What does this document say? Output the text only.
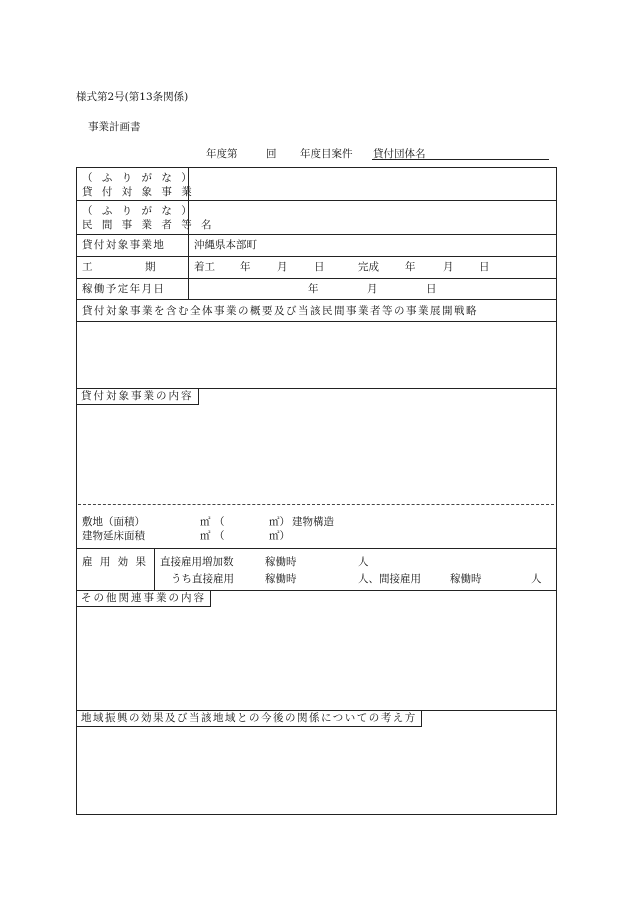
様式第2号(第13条関係)
事業計画書
年度第	回 年度目案件 貸付団体名
（ ふ り が な ）
貸 付 対 象 事 業
（ ふ り が な ）
民 間 事 業 者 等 名
貸付対象事業地	沖縄県本部町
工　　　　　期	着工 年	月	日	完成 年	月 日
稼働予定年月日	年	月	日
貸付対象事業を含む全体事業の概要及び当該民間事業者等の事業展開戦略
貸付対象事業の内容
敷地（面積）	㎡ （	㎡） 建物構造
建物延床面積	㎡ （	㎡）
雇 用 効 果 直接雇用増加数	稼働時	人
うち直接雇用	稼働時	人、間接雇用	稼働時	人
その他関連事業の内容
地域振興の効果及び当該地域との今後の関係についての考え方
